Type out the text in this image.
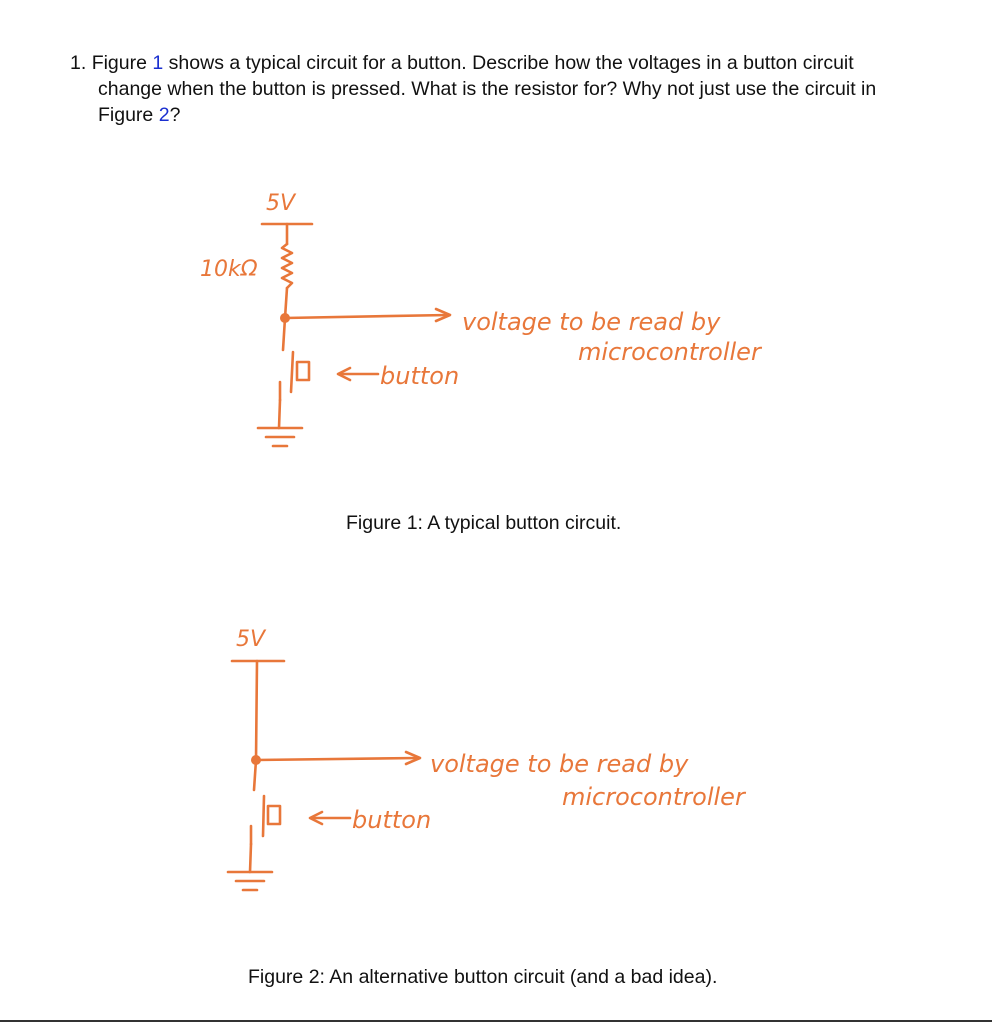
1. Figure 1 shows a typical circuit for a button. Describe how the voltages in a button circuit
change when the button is pressed. What is the resistor for? Why not just use the circuit in
Figure 2?
5V
10kΩ
voltage to be read by
microcontroller
button
Figure 1: A typical button circuit.
5V
voltage to be read by
microcontroller
button
Figure 2: An alternative button circuit (and a bad idea).
